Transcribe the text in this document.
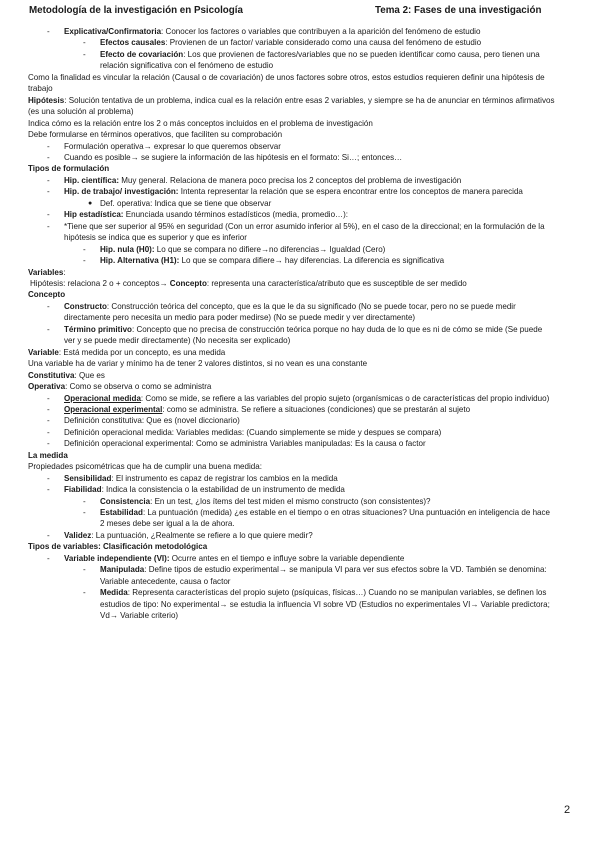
Metodología de la investigación en Psicología	Tema 2: Fases de una investigación
- Explicativa/Confirmatoria: Conocer los factores o variables que contribuyen a la aparición del fenómeno de estudio
- Efectos causales: Provienen de un factor/ variable considerado como una causa del fenómeno de estudio
- Efecto de covariación: Los que provienen de factores/variables que no se pueden identificar como causa, pero tienen una relación significativa con el fenómeno de estudio
Como la finalidad es vincular la relación (Causal o de covariación) de unos factores sobre otros, estos estudios requieren definir una hipótesis de trabajo
Hipótesis: Solución tentativa de un problema, indica cual es la relación entre esas 2 variables, y siempre se ha de anunciar en términos afirmativos (es una solución al problema)
Indica cómo es la relación entre los 2 o más conceptos incluidos en el problema de investigación
Debe formularse en términos operativos, que faciliten su comprobación
- Formulación operativa→ expresar lo que queremos observar
- Cuando es posible→ se sugiere la información de las hipótesis en el formato: Si…; entonces…
Tipos de formulación
- Hip. científica: Muy general. Relaciona de manera poco precisa los 2 conceptos del problema de investigación
- Hip. de trabajo/ investigación: Intenta representar la relación que se espera encontrar entre los conceptos de manera parecida
● Def. operativa: Indica que se tiene que observar
- Hip estadística: Enunciada usando términos estadísticos (media, promedio…):
- *Tiene que ser superior al 95% en seguridad (Con un error asumido inferior al 5%), en el caso de la direccional; en la formulación de la hipótesis se indica que es superior y que es inferior
- Hip. nula (H0): Lo que se compara no difiere→no diferencias→ Igualdad (Cero)
- Hip. Alternativa (H1): Lo que se compara difiere→ hay diferencias. La diferencia es significativa
Variables:
Hipótesis: relaciona 2 o + conceptos→ Concepto: representa una característica/atributo que es susceptible de ser medido
Concepto
- Constructo: Construcción teórica del concepto, que es la que le da su significado (No se puede tocar, pero no se puede medir directamente pero necesita un medio para poder medirse) (No se puede medir y ver directamente)
- Término primitivo: Concepto que no precisa de construcción teórica porque no hay duda de lo que es ni de cómo se mide (Se puede ver y se puede medir directamente) (No necesita ser explicado)
Variable: Está medida por un concepto, es una medida
Una variable ha de variar y mínimo ha de tener 2 valores distintos, si no vean es una constante
Constitutiva: Que es
Operativa: Como se observa o como se administra
- Operacional medida: Como se mide, se refiere a las variables del propio sujeto (organísmicas o de características del propio individuo)
- Operacional experimental: como se administra. Se refiere a situaciones (condiciones) que se prestarán al sujeto
- Definición constitutiva: Que es (novel diccionario)
- Definición operacional medida: Variables medidas: (Cuando simplemente se mide y despues se compara)
- Definición operacional experimental: Como se administra Variables manipuladas: Es la causa o factor
La medida
Propiedades psicométricas que ha de cumplir una buena medida:
- Sensibilidad: El instrumento es capaz de registrar los cambios en la medida
- Fiabilidad: Indica la consistencia o la estabilidad de un instrumento de medida
- Consistencia: En un test, ¿los ítems del test miden el mismo constructo (son consistentes)?
- Estabilidad: La puntuación (medida) ¿es estable en el tiempo o en otras situaciones? Una puntuación en inteligencia de hace 2 meses debe ser igual a la de ahora.
- Validez: La puntuación, ¿Realmente se refiere a lo que quiere medir?
Tipos de variables: Clasificación metodológica
- Variable independiente (VI): Ocurre antes en el tiempo e influye sobre la variable dependiente
- Manipulada: Define tipos de estudio experimental→ se manipula VI para ver sus efectos sobre la VD. También se denomina: Variable antecedente, causa o factor
- Medida: Representa características del propio sujeto (psíquicas, físicas…) Cuando no se manipulan variables, se definen los estudios de tipo: No experimental→ se estudia la influencia VI sobre VD (Estudios no experimentales VI→ Variable predictora; Vd→ Variable criterio)
2
